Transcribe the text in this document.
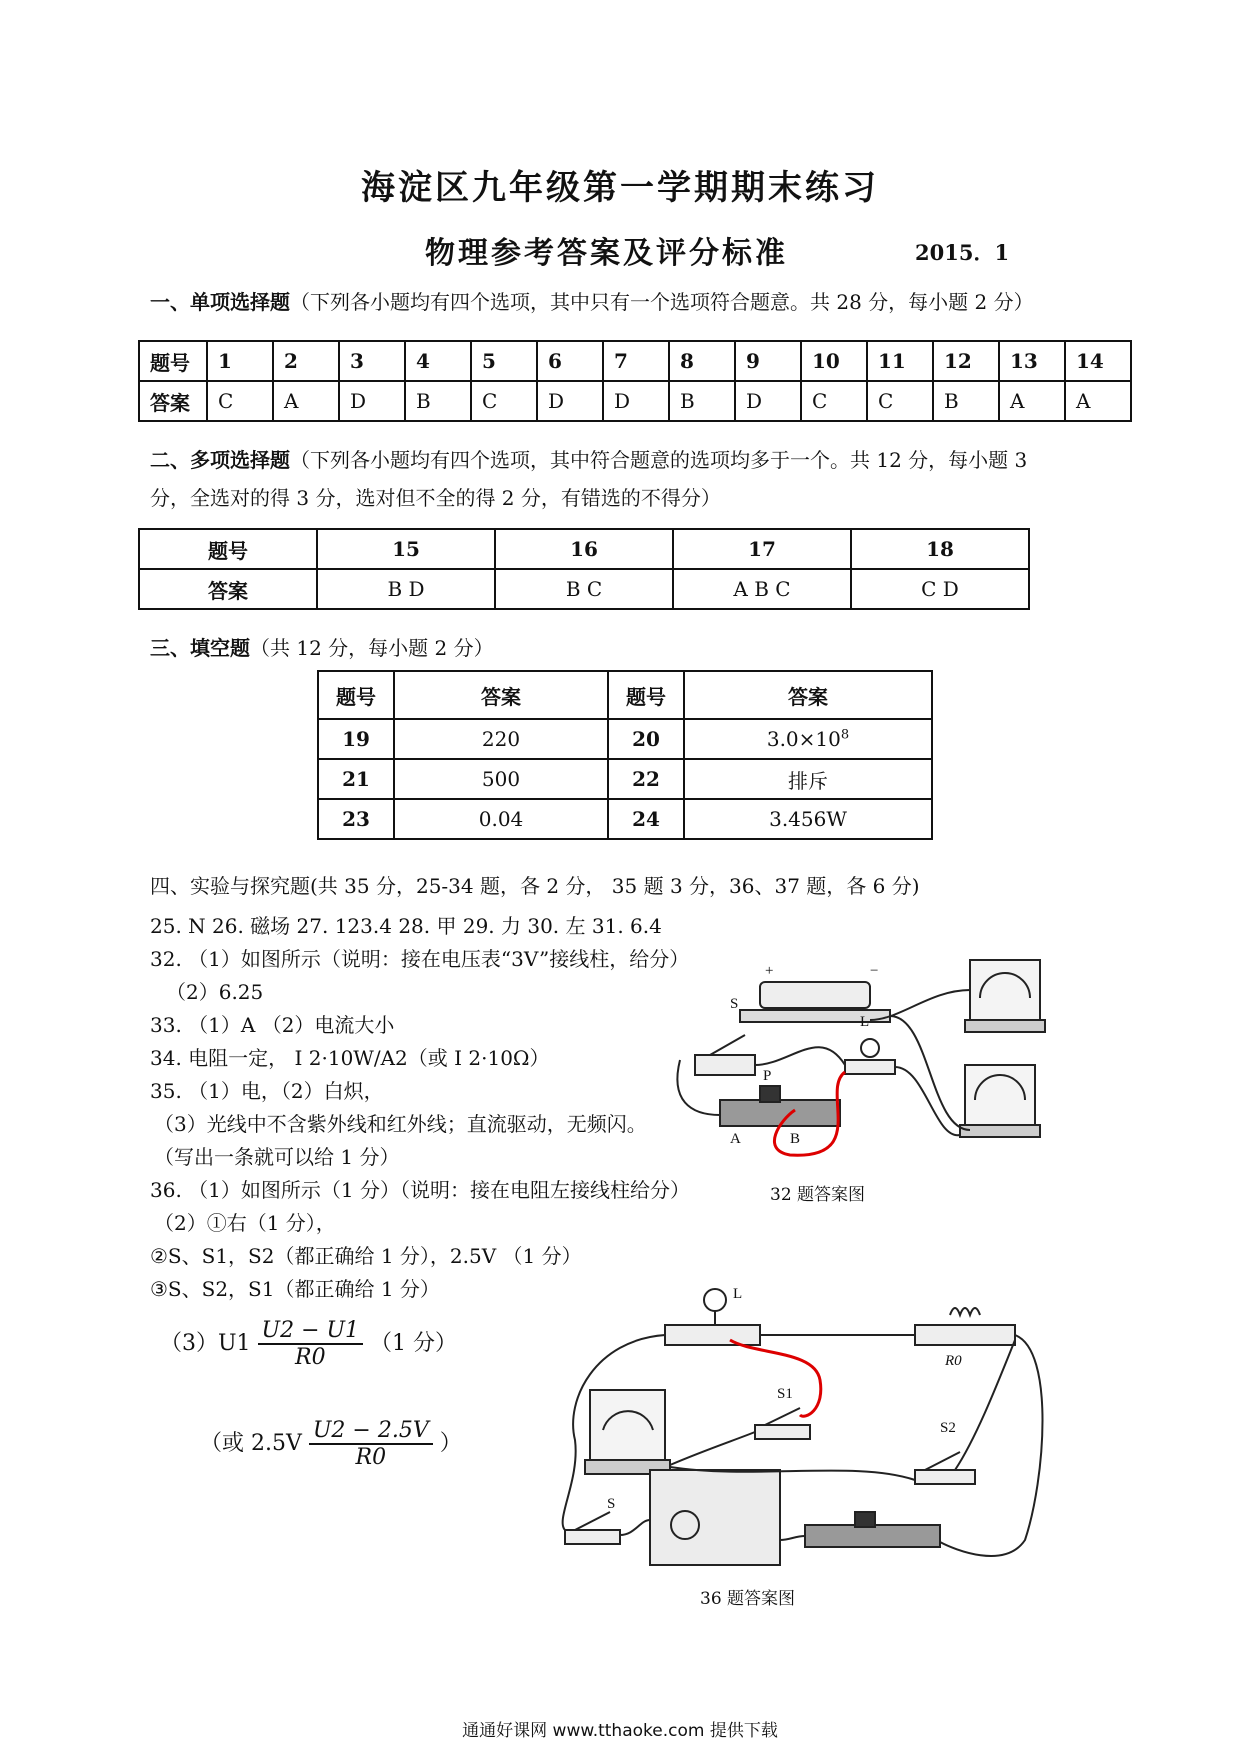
海淀区九年级第一学期期末练习
物理参考答案及评分标准	2015．1
一、单项选择题（下列各小题均有四个选项，其中只有一个选项符合题意。共 28 分，每小题 2 分）
题号	1	2	3	4	5	6	7	8	9	10	11	12	13	14
答案	C	A	D	B	C	D	D	B	D	C	C	B	A	A
二、多项选择题（下列各小题均有四个选项，其中符合题意的选项均多于一个。共 12 分，每小题 3
分，全选对的得 3 分，选对但不全的得 2 分，有错选的不得分）
题号	15	16	17	18
答案	B D	B C	A B C	C D
三、填空题（共 12 分，每小题 2 分）
题号	答案	题号	答案
19	220	20	$3.0\times 10^8$
21	500	22	排斥
23	0.04	24	3.456W
四、实验与探究题(共 35 分，25-34 题，各 2 分， 35 题 3 分，36、37 题，各 6 分)
25. N 26. 磁场 27. 123.4 28. 甲 29. 力 30. 左 31. 6.4
32. （1）如图所示（说明：接在电压表“3V”接线柱，给分）
（2）6.25
33. （1）A （2）电流大小
34. 电阻一定， I 2·10W/A2（或 I 2·10Ω）
35. （1）电，（2）白炽，
（3）光线中不含紫外线和红外线；直流驱动，无频闪。
（写出一条就可以给 1 分）
36. （1）如图所示（1 分）（说明：接在电阻左接线柱给分）
（2）①右（1 分），
②S、S1，S2（都正确给 1 分），2.5V （1 分）
③S、S2，S1（都正确给 1 分）
$(3)U1 \frac{U2 - U1}{R0} (1$ 分）
（或 $2.5V \frac{U2 - 2.5V}{R0}$ ）
S
L
P
A	B
+	−
32 题答案图
L
R0
S1
S2
S
36 题答案图
通通好课网 www.tthaoke.com 提供下载
